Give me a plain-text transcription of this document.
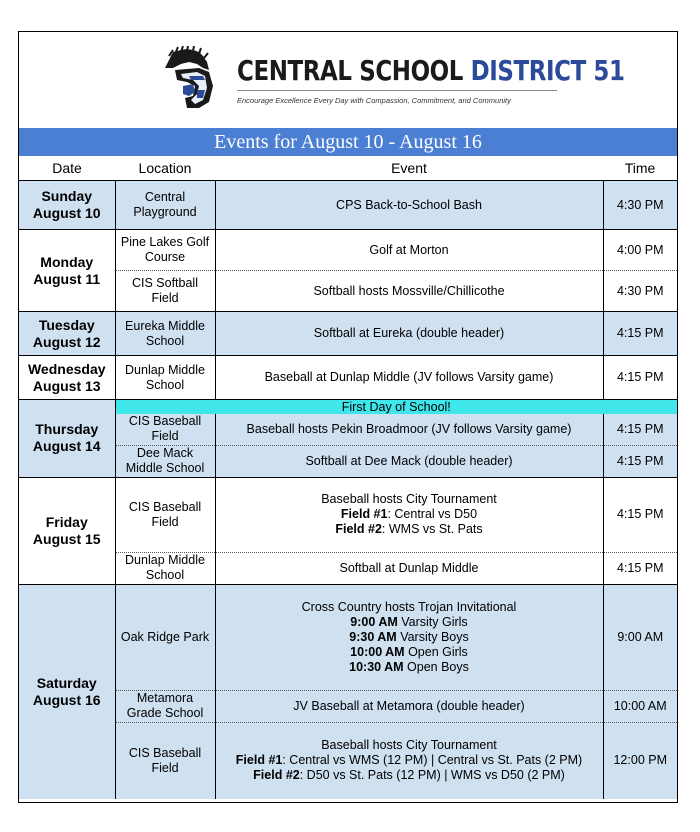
CENTRAL SCHOOL DISTRICT 51
Encourage Excellence Every Day with Compassion, Commitment, and Community
Events for August 10 - August 16
Date	Location	Event	Time
Sunday
August 10	Central Playground	CPS Back-to-School Bash	4:30 PM
Monday
August 11	Pine Lakes Golf Course	Golf at Morton	4:00 PM
	CIS Softball Field	Softball hosts Mossville/Chillicothe	4:30 PM
Tuesday
August 12	Eureka Middle School	Softball at Eureka (double header)	4:15 PM
Wednesday
August 13	Dunlap Middle School	Baseball at Dunlap Middle (JV follows Varsity game)	4:15 PM
Thursday
August 14	First Day of School!		
	CIS Baseball Field	Baseball hosts Pekin Broadmoor (JV follows Varsity game)	4:15 PM
	Dee Mack Middle School	Softball at Dee Mack (double header)	4:15 PM
Friday
August 15	CIS Baseball Field	Baseball hosts City Tournament
Field #1: Central vs D50
Field #2: WMS vs St. Pats	4:15 PM
	Dunlap Middle School	Softball at Dunlap Middle	4:15 PM
Saturday
August 16	Oak Ridge Park	Cross Country hosts Trojan Invitational
9:00 AM Varsity Girls
9:30 AM Varsity Boys
10:00 AM Open Girls
10:30 AM Open Boys	9:00 AM
	Metamora Grade School	JV Baseball at Metamora (double header)	10:00 AM
	CIS Baseball Field	Baseball hosts City Tournament
Field #1: Central vs WMS (12 PM) | Central vs St. Pats (2 PM)
Field #2: D50 vs St. Pats (12 PM) | WMS vs D50 (2 PM)	12:00 PM
